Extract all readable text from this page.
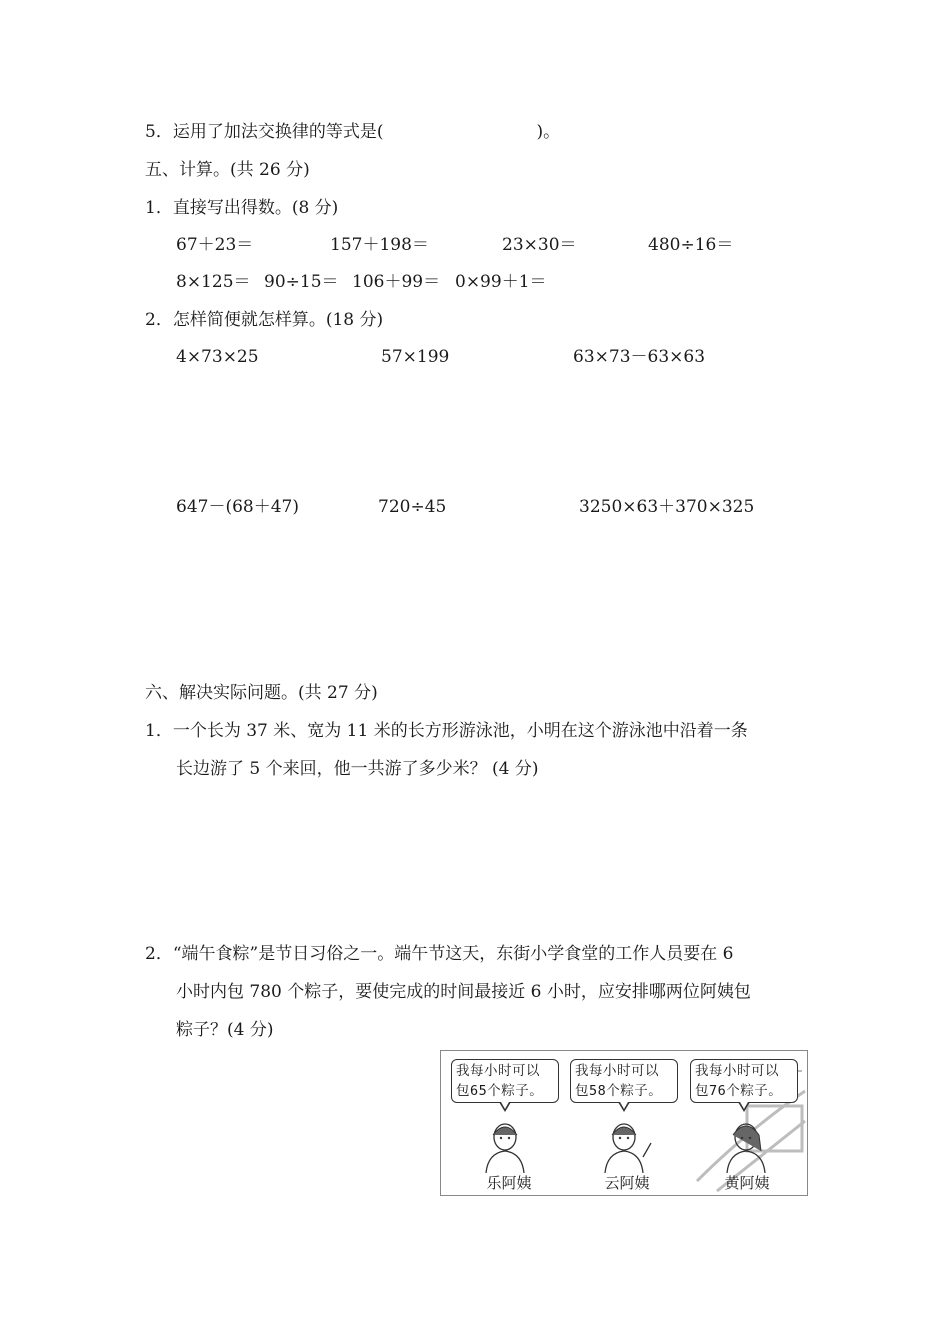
5．运用了加法交换律的等式是(　　　　　　　　　)。
五、计算。(共 26 分)
1．直接写出得数。(8 分)
67＋23＝	157＋198＝	23×30＝	480÷16＝
8×125＝ 90÷15＝ 106＋99＝ 0×99＋1＝
2．怎样简便就怎样算。(18 分)
4×73×25	57×199	63×73－63×63
647－(68＋47)	720÷45	3250×63＋370×325
六、解决实际问题。(共 27 分)
1．一个长为 37 米、宽为 11 米的长方形游泳池，小明在这个游泳池中沿着一条
长边游了 5 个来回，他一共游了多少米？ (4 分)
2．“端午食粽”是节日习俗之一。端午节这天，东街小学食堂的工作人员要在 6
小时内包 780 个粽子，要使完成的时间最接近 6 小时，应安排哪两位阿姨包
粽子？(4 分)
我每小时可以
包65个粽子。
我每小时可以
包58个粽子。
我每小时可以
包76个粽子。
乐阿姨	云阿姨	黄阿姨
